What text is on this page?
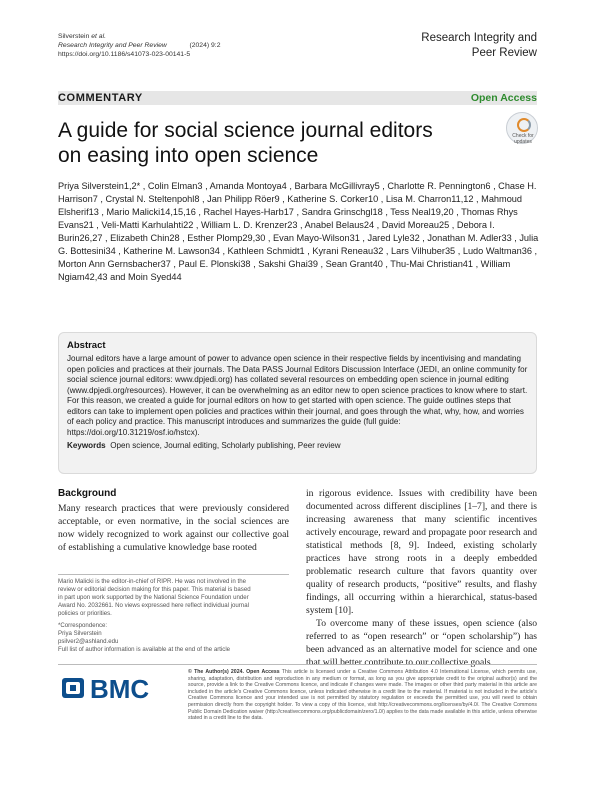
Silverstein et al.
Research Integrity and Peer Review	(2024) 9:2
https://doi.org/10.1186/s41073-023-00141-5
Research Integrity and
Peer Review
COMMENTARY	Open Access
A guide for social science journal editors on easing into open science
Check for
updates
Priya Silverstein1,2* , Colin Elman3 , Amanda Montoya4 , Barbara McGillivray5 , Charlotte R. Pennington6 , Chase H. Harrison7 , Crystal N. Steltenpohl8 , Jan Philipp Röer9 , Katherine S. Corker10 , Lisa M. Charron11,12 , Mahmoud Elsherif13 , Mario Malicki14,15,16 , Rachel Hayes-Harb17 , Sandra Grinschgl18 , Tess Neal19,20 , Thomas Rhys Evans21 , Veli-Matti Karhulahti22 , William L. D. Krenzer23 , Anabel Belaus24 , David Moreau25 , Debora I. Burin26,27 , Elizabeth Chin28 , Esther Plomp29,30 , Evan Mayo-Wilson31 , Jared Lyle32 , Jonathan M. Adler33 , Julia G. Bottesini34 , Katherine M. Lawson34 , Kathleen Schmidt1 , Kyrani Reneau32 , Lars Vilhuber35 , Ludo Waltman36 , Morton Ann Gernsbacher37 , Paul E. Plonski38 , Sakshi Ghai39 , Sean Grant40 , Thu-Mai Christian41 , William Ngiam42,43 and Moin Syed44
Abstract

Journal editors have a large amount of power to advance open science in their respective fields by incentivising and mandating open policies and practices at their journals. The Data PASS Journal Editors Discussion Interface (JEDI, an online community for social science journal editors: www.dpjedi.org) has collated several resources on embedding open science in journal editing (www.dpjedi.org/resources). However, it can be overwhelming as an editor new to open science practices to know where to start. For this reason, we created a guide for journal editors on how to get started with open science. The guide outlines steps that editors can take to implement open policies and practices within their journal, and goes through the what, why, how, and worries of each policy and practice. This manuscript introduces and summarizes the guide (full guide: https://doi.org/10.31219/osf.io/hstcx).

Keywords Open science, Journal editing, Scholarly publishing, Peer review
Background
Many research practices that were previously considered acceptable, or even normative, in the social sciences are now widely recognized to work against our collective goal of establishing a cumulative knowledge base rooted

in rigorous evidence. Issues with credibility have been documented across different disciplines [1–7], and there is increasing awareness that many scientific incentives actively encourage, reward and propagate poor research and statistical methods [8, 9]. Indeed, existing scholarly practices have strong roots in a deeply embedded problematic research culture that favors quantity over quality of research products, “positive” results, and flashy findings, all occurring within a hierarchical, status-based system [10].

To overcome many of these issues, open science (also referred to as “open research” or “open scholarship”) has been advanced as an alternative model for science and one that will better contribute to our collective goals

Mario Malicki is the editor-in-chief of RIPR. He was not involved in the review or editorial decision making for this paper. This material is based in part upon work supported by the National Science Foundation under Award No. 2032661. No views expressed here reflect individual journal policies or priorities.
*Correspondence:
Priya Silverstein
psilver2@ashland.edu
Full list of author information is available at the end of the article
BMC
© The Author(s) 2024. Open Access This article is licensed under a Creative Commons Attribution 4.0 International License, which permits use, sharing, adaptation, distribution and reproduction in any medium or format, as long as you give appropriate credit to the original author(s) and the source, provide a link to the Creative Commons licence, and indicate if changes were made. The images or other third party material in this article are included in the article's Creative Commons licence, unless indicated otherwise in a credit line to the material. If material is not included in the article's Creative Commons licence and your intended use is not permitted by statutory regulation or exceeds the permitted use, you will need to obtain permission directly from the copyright holder. To view a copy of this licence, visit http://creativecommons.org/licenses/by/4.0/. The Creative Commons Public Domain Dedication waiver (http://creativecommons.org/publicdomain/zero/1.0/) applies to the data made available in this article, unless otherwise stated in a credit line to the data.
